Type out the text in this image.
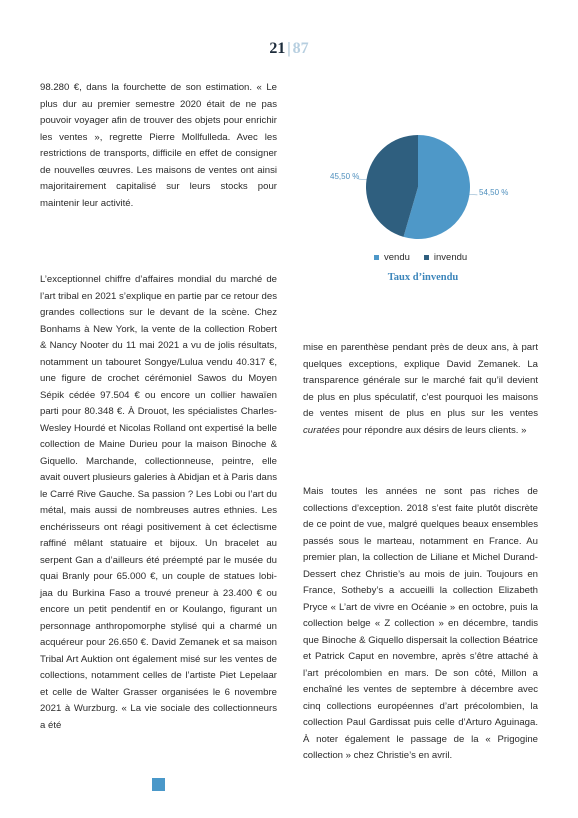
21 | 87

98.280 €, dans la fourchette de son estimation. « Le plus dur au premier semestre 2020 était de ne pas pouvoir voyager afin de trouver des objets pour enrichir les ventes », regrette Pierre Mollfulleda. Avec les restrictions de transports, difficile en effet de consigner de nouvelles œuvres. Les maisons de ventes ont ainsi majoritairement capitalisé sur leurs stocks pour maintenir leur activité.

L’exceptionnel chiffre d’affaires mondial du marché de l’art tribal en 2021 s’explique en partie par ce retour des grandes collections sur le devant de la scène. Chez Bonhams à New York, la vente de la collection Robert & Nancy Nooter du 11 mai 2021 a vu de jolis résultats, notamment un tabouret Songye/Lulua vendu 40.317 €, une figure de crochet cérémoniel Sawos du Moyen Sépik cédée 97.504 € ou encore un collier hawaïen parti pour 80.348 €. À Drouot, les spécialistes Charles-Wesley Hourdé et Nicolas Rolland ont expertisé la belle collection de Maine Durieu pour la maison Binoche & Giquello. Marchande, collectionneuse, peintre, elle avait ouvert plusieurs galeries à Abidjan et à Paris dans le Carré Rive Gauche. Sa passion ? Les Lobi ou l’art du métal, mais aussi de nombreuses autres ethnies. Les enchérisseurs ont réagi positivement à cet éclectisme raffiné mêlant statuaire et bijoux. Un bracelet au serpent Gan a d’ailleurs été préempté par le musée du quai Branly pour 65.000 €, un couple de statues lobi-jaa du Burkina Faso a trouvé preneur à 23.400 € ou encore un petit pendentif en or Koulango, figurant un personnage anthropomorphe stylisé qui a charmé un acquéreur pour 26.650 €. David Zemanek et sa maison Tribal Art Auktion ont également misé sur les ventes de collections, notamment celles de l’artiste Piet Lepelaar et celle de Walter Grasser organisées le 6 novembre 2021 à Wurzburg. « La vie sociale des collectionneurs a été

54,50 %
45,50 %
vendu	invendu
Taux d’invendu

mise en parenthèse pendant près de deux ans, à part quelques exceptions, explique David Zemanek. La transparence générale sur le marché fait qu’il devient de plus en plus spéculatif, c’est pourquoi les maisons de ventes misent de plus en plus sur les ventes curatées pour répondre aux désirs de leurs clients. »

Mais toutes les années ne sont pas riches de collections d’exception. 2018 s’est faite plutôt discrète de ce point de vue, malgré quelques beaux ensembles passés sous le marteau, notamment en France. Au premier plan, la collection de Liliane et Michel Durand-Dessert chez Christie’s au mois de juin. Toujours en France, Sotheby’s a accueilli la collection Elizabeth Pryce « L’art de vivre en Océanie » en octobre, puis la collection belge « Z collection » en décembre, tandis que Binoche & Giquello dispersait la collection Béatrice et Patrick Caput en novembre, après s’être attaché à l’art précolombien en mars. De son côté, Millon a enchaîné les ventes de septembre à décembre avec cinq collections européennes d’art précolombien, la collection Paul Gardissat puis celle d’Arturo Aguinaga. À noter également le passage de la « Prigogine collection » chez Christie’s en avril.
